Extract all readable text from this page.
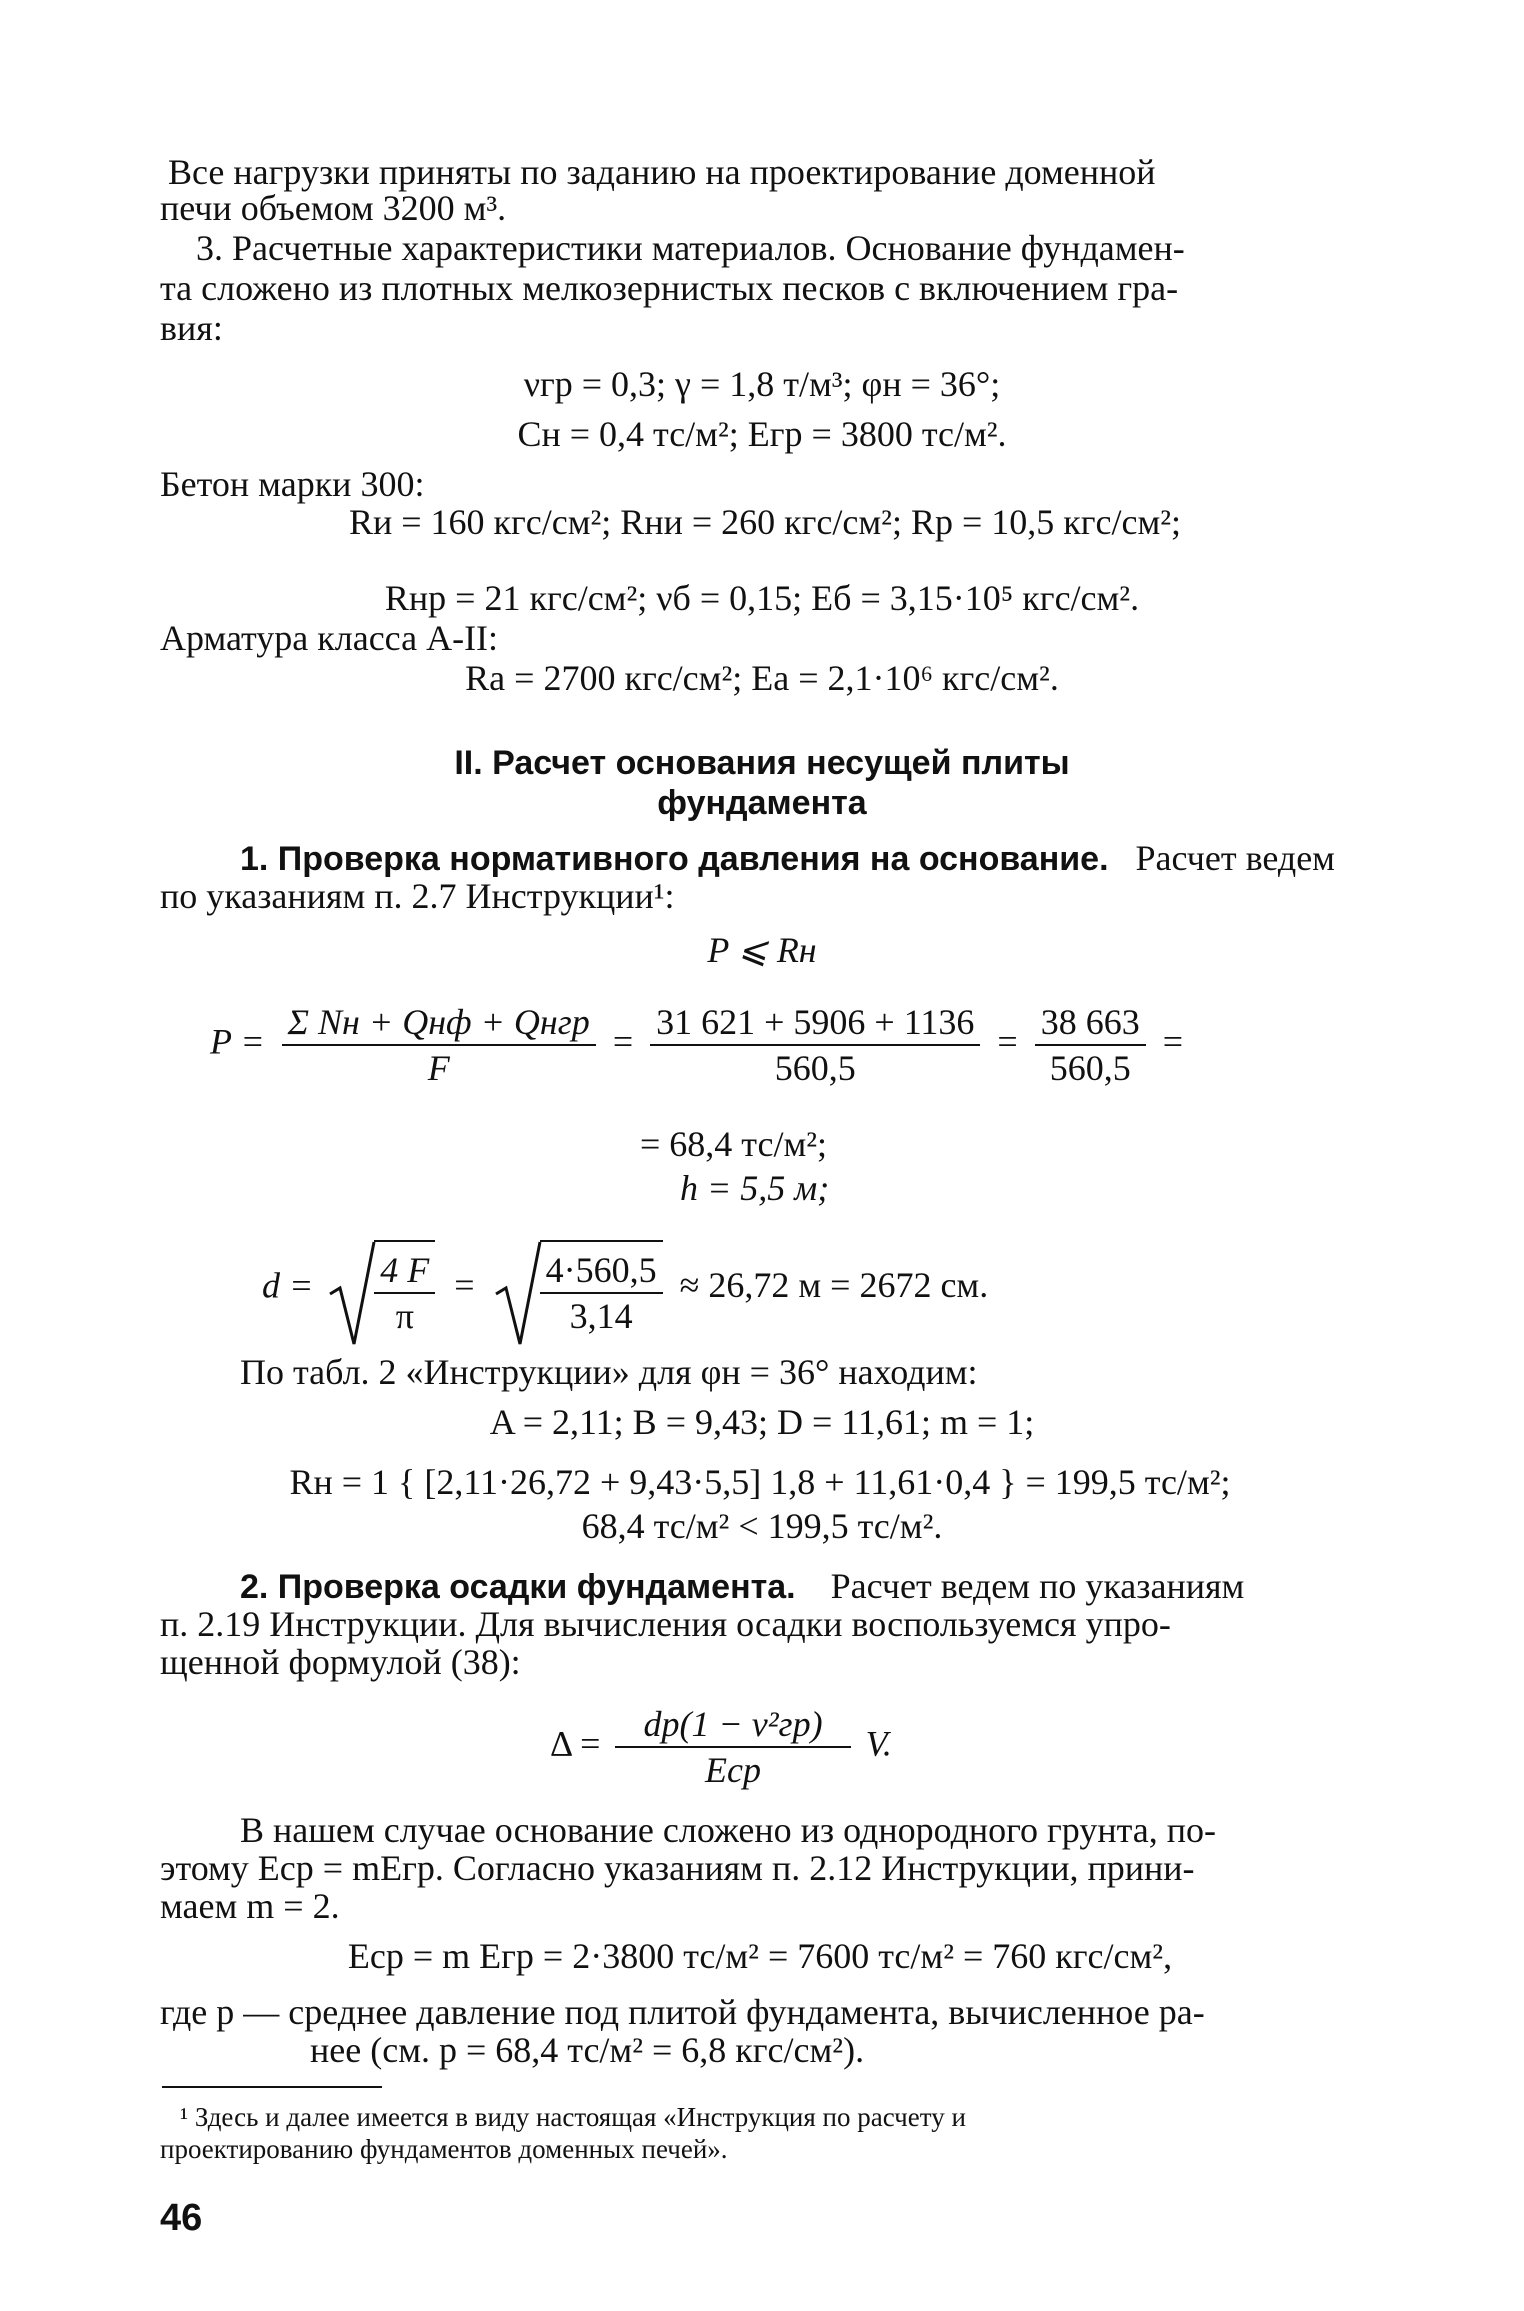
Все нагрузки приняты по заданию на проектирование доменной
печи объемом 3200 м³.
3. Расчетные характеристики материалов. Основание фундамен-
та сложено из плотных мелкозернистых песков с включением гра-
вия:
νгр = 0,3; γ = 1,8 т/м³; φн = 36°;
Сн = 0,4 тс/м²; Егр = 3800 тс/м².
Бетон марки 300:
Rи = 160 кгс/см²; Rни = 260 кгс/см²; Rр = 10,5 кгс/см²;
Rнр = 21 кгс/см²; νб = 0,15; Еб = 3,15·10⁵ кгс/см².
Арматура класса А-II:
Rа = 2700 кгс/см²; Еа = 2,1·10⁶ кгс/см².
II. Расчет основания несущей плиты
фундамента
1. Проверка нормативного давления на основание. Расчет ведем
по указаниям п. 2.7 Инструкции¹:
P ⩽ Rн
$P = \frac{\text{Σ Nн + Qнф + Qнгр}}{F} = \frac{31 621 + 5906 + 1136}{560,5} = \frac{38 663}{560,5}$ =
= 68,4 тс/м²;
h = 5,5 м;
$d = \frac{4 F}{\pi} = \frac{4\cdot 560,5}{3,14} \approx 26,72$ м = 2672 см.
По табл. 2 «Инструкции» для φн = 36° находим:
A = 2,11; B = 9,43; D = 11,61; m = 1;
Rн = 1 { [2,11·26,72 + 9,43·5,5] 1,8 + 11,61·0,4 } = 199,5 тс/м²;
68,4 тс/м² < 199,5 тс/м².
2. Проверка осадки фундамента. Расчет ведем по указаниям
п. 2.19 Инструкции. Для вычисления осадки воспользуемся упро-
щенной формулой (38):
$\Delta = \frac{\text{dp(1 − ν²гр)}}{\text{Еср}} V$.
В нашем случае основание сложено из однородного грунта, по-
этому Еср = mЕгр. Согласно указаниям п. 2.12 Инструкции, прини-
маем m = 2.
Еср = m Егр = 2·3800 тс/м² = 7600 тс/м² = 760 кгс/см²,
где p — среднее давление под плитой фундамента, вычисленное ра-
нее (см. p = 68,4 тс/м² = 6,8 кгс/см²).
¹ Здесь и далее имеется в виду настоящая «Инструкция по расчету и
проектированию фундаментов доменных печей».
46
